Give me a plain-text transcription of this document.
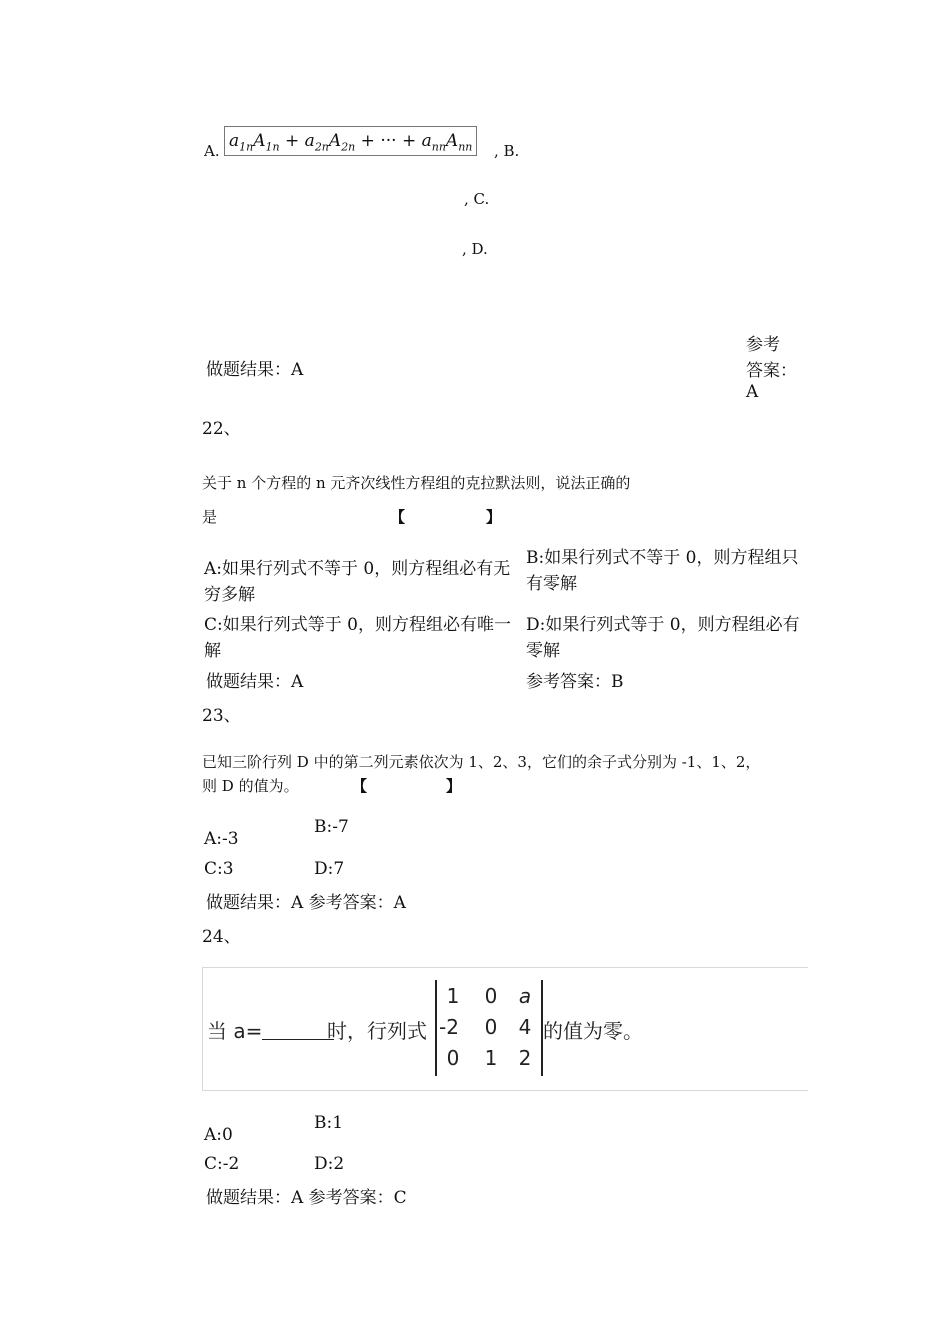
A. $a_{1n}A_{1n} + a_{2n}A_{2n}$ + ··· + $a_{nn}A_{nn}$	, B.
, C.
, D.
做题结果：A
参考
答案：
A
22、
关于 n 个方程的 n 元齐次线性方程组的克拉默法则，说法正确的
是	【	】
A:如果行列式不等于 0，则方程组必有无穷多解
B:如果行列式不等于 0，则方程组只有零解
C:如果行列式等于 0，则方程组必有唯一解
D:如果行列式等于 0，则方程组必有零解
做题结果：A	参考答案：B
23、
已知三阶行列 D 中的第二列元素依次为 1、2、3，它们的余子式分别为 -1、1、2，
则 D 的值为。	【	】
A:-3
B:-7
C:3	D:7
做题结果：A 参考答案：A
24、
当 a=	时，行列式
1	0	a
-2	0	4
0	1	2
的值为零。
A:0
B:1
C:-2	D:2
做题结果：A 参考答案：C
